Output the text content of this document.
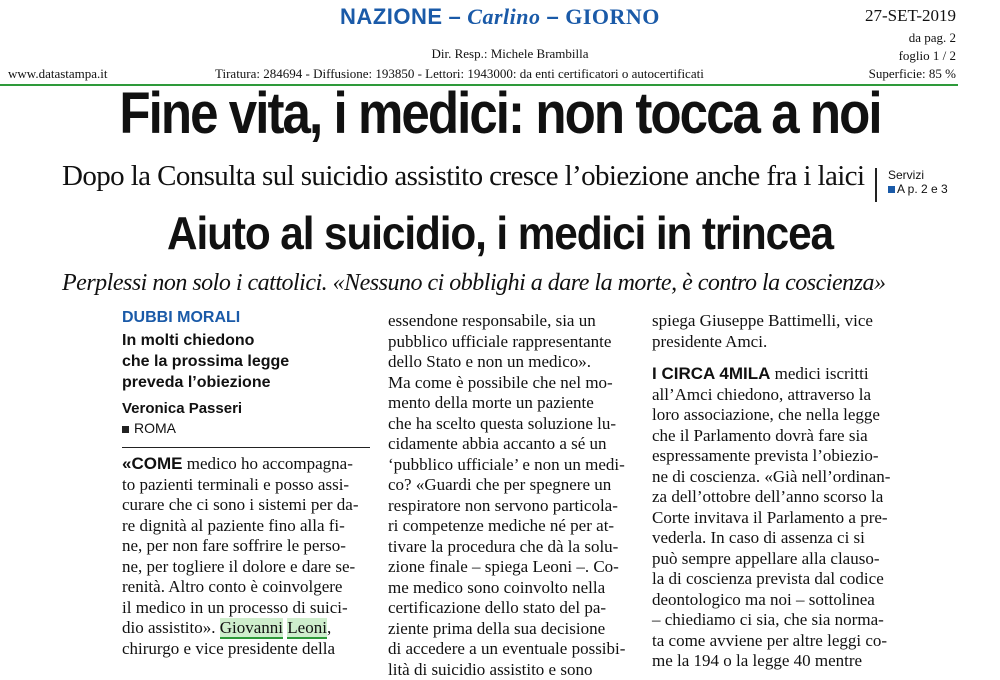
NAZIONE – Carlino – GIORNO	27-SET-2019
da pag. 2
foglio 1 / 2
Dir. Resp.: Michele Brambilla
www.datastampa.it	Tiratura: 284694 - Diffusione: 193850 - Lettori: 1943000: da enti certificatori o autocertificati	Superficie: 85 %
Fine vita, i medici: non tocca a noi
Dopo la Consulta sul suicidio assistito cresce l’obiezione anche fra i laici Servizi
A p. 2 e 3
Aiuto al suicidio, i medici in trincea
Perplessi non solo i cattolici. «Nessuno ci obblighi a dare la morte, è contro la coscienza»
DUBBI MORALI
In molti chiedono
che la prossima legge
preveda l’obiezione
Veronica Passeri
ROMA
«COME medico ho accompagna-
to pazienti terminali e posso assi-
curare che ci sono i sistemi per da-
re dignità al paziente fino alla fi-
ne, per non fare soffrire le perso-
ne, per togliere il dolore e dare se-
renità. Altro conto è coinvolgere
il medico in un processo di suici-
dio assistito». Giovanni Leoni,
chirurgo e vice presidente della
essendone responsabile, sia un
pubblico ufficiale rappresentante
dello Stato e non un medico».
Ma come è possibile che nel mo-
mento della morte un paziente
che ha scelto questa soluzione lu-
cidamente abbia accanto a sé un
‘pubblico ufficiale’ e non un medi-
co? «Guardi che per spegnere un
respiratore non servono particola-
ri competenze mediche né per at-
tivare la procedura che dà la solu-
zione finale – spiega Leoni –. Co-
me medico sono coinvolto nella
certificazione dello stato del pa-
ziente prima della sua decisione
di accedere a un eventuale possibi-
lità di suicidio assistito e sono
spiega Giuseppe Battimelli, vice
presidente Amci.
I CIRCA 4MILA medici iscritti
all’Amci chiedono, attraverso la
loro associazione, che nella legge
che il Parlamento dovrà fare sia
espressamente prevista l’obiezio-
ne di coscienza. «Già nell’ordinan-
za dell’ottobre dell’anno scorso la
Corte invitava il Parlamento a pre-
vederla. In caso di assenza ci si
può sempre appellare alla clauso-
la di coscienza prevista dal codice
deontologico ma noi – sottolinea
– chiediamo ci sia, che sia norma-
ta come avviene per altre leggi co-
me la 194 o la legge 40 mentre
